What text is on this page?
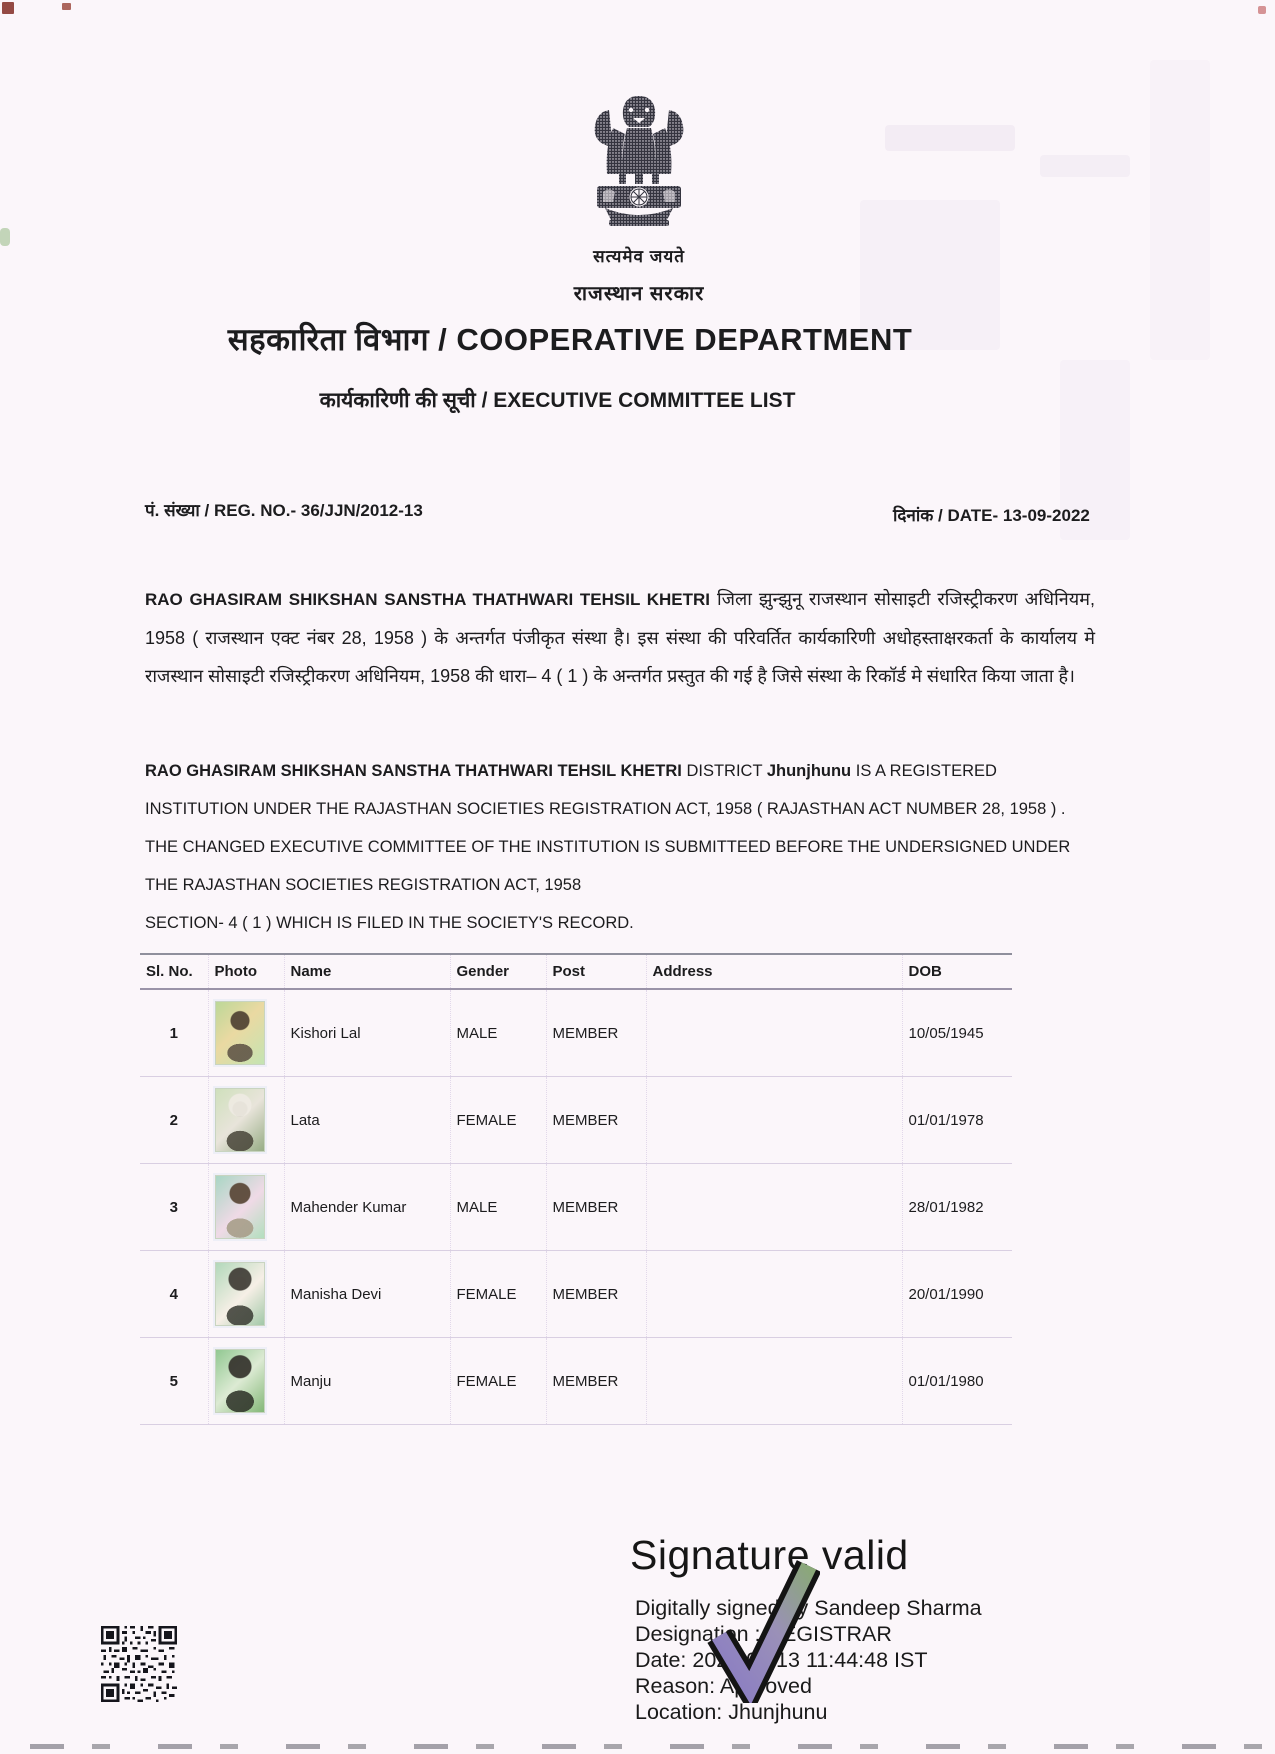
सत्यमेव जयते
राजस्थान सरकार
सहकारिता विभाग / COOPERATIVE DEPARTMENT
कार्यकारिणी की सूची / EXECUTIVE COMMITTEE LIST
पं. संख्या / REG. NO.- 36/JJN/2012-13	दिनांक / DATE- 13-09-2022

RAO GHASIRAM SHIKSHAN SANSTHA THATHWARI TEHSIL KHETRI जिला झुन्झुनू राजस्थान सोसाइटी रजिस्ट्रीकरण अधिनियम, 1958 ( राजस्थान एक्ट नंबर 28, 1958 ) के अन्तर्गत पंजीकृत संस्था है। इस संस्था की परिवर्तित कार्यकारिणी अधोहस्ताक्षरकर्ता के कार्यालय मे राजस्थान सोसाइटी रजिस्ट्रीकरण अधिनियम, 1958 की धारा– 4 ( 1 ) के अन्तर्गत प्रस्तुत की गई है जिसे संस्था के रिकॉर्ड मे संधारित किया जाता है।

RAO GHASIRAM SHIKSHAN SANSTHA THATHWARI TEHSIL KHETRI DISTRICT Jhunjhunu IS A REGISTERED INSTITUTION UNDER THE RAJASTHAN SOCIETIES REGISTRATION ACT, 1958 ( RAJASTHAN ACT NUMBER 28, 1958 ) . THE CHANGED EXECUTIVE COMMITTEE OF THE INSTITUTION IS SUBMITTEED BEFORE THE UNDERSIGNED UNDER THE RAJASTHAN SOCIETIES REGISTRATION ACT, 1958

SECTION- 4 ( 1 ) WHICH IS FILED IN THE SOCIETY'S RECORD.

Sl. No.	Photo	Name	Gender	Post	Address	DOB
1		Kishori Lal	MALE	MEMBER		10/05/1945
2		Lata	FEMALE	MEMBER		01/01/1978
3		Mahender Kumar	MALE	MEMBER		28/01/1982
4		Manisha Devi	FEMALE	MEMBER		20/01/1990
5		Manju	FEMALE	MEMBER		01/01/1980
Signature valid
Digitally signed by Sandeep Sharma
Designation : REGISTRAR
Date: 2022.09.13 11:44:48 IST
Reason: Approved
Location: Jhunjhunu
